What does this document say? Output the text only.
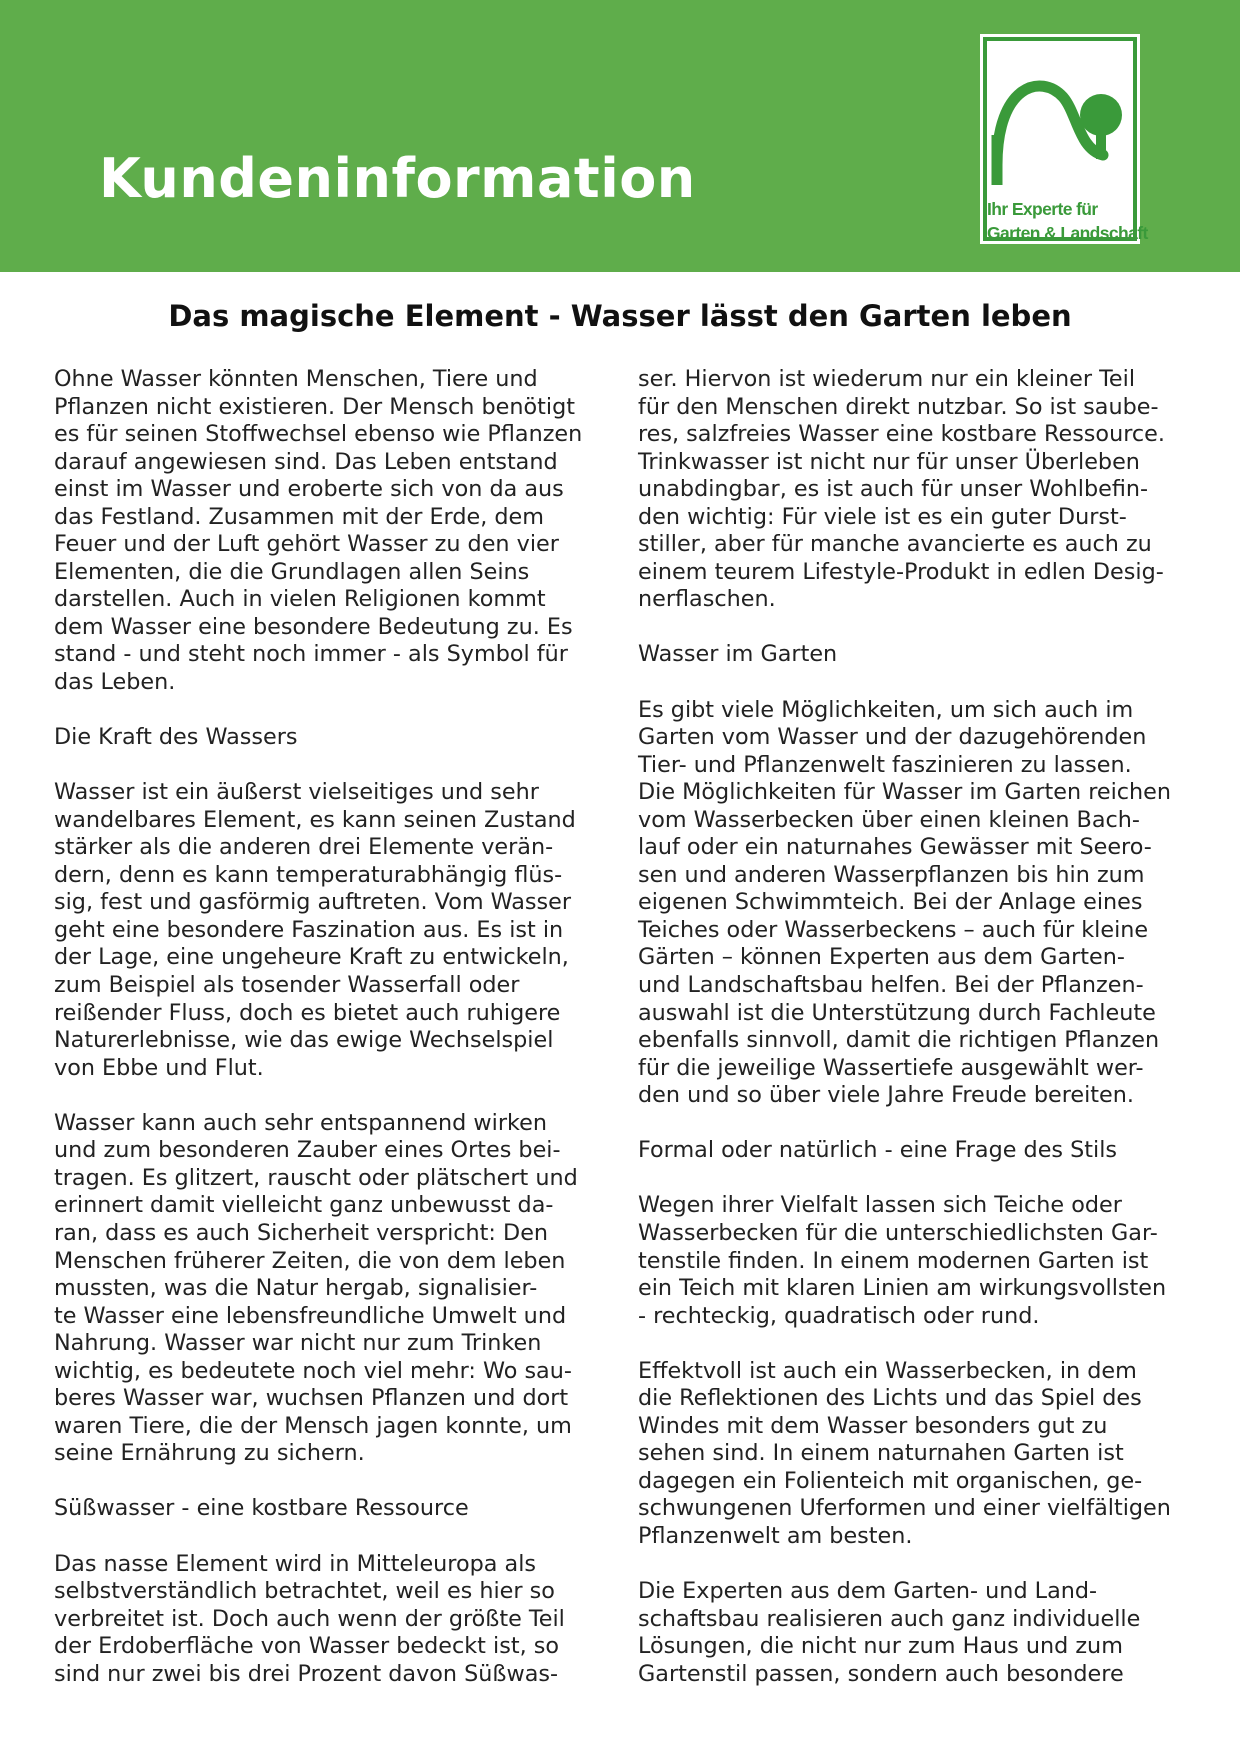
Kundeninformation	Ihr Experte für
Garten & Landschaft
Das magische Element - Wasser lässt den Garten leben
Ohne Wasser könnten Menschen, Tiere und
Pflanzen nicht existieren. Der Mensch benötigt
es für seinen Stoffwechsel ebenso wie Pflanzen
darauf angewiesen sind. Das Leben entstand
einst im Wasser und eroberte sich von da aus
das Festland. Zusammen mit der Erde, dem
Feuer und der Luft gehört Wasser zu den vier
Elementen, die die Grundlagen allen Seins
darstellen. Auch in vielen Religionen kommt
dem Wasser eine besondere Bedeutung zu. Es
stand - und steht noch immer - als Symbol für
das Leben.
Die Kraft des Wassers
Wasser ist ein äußerst vielseitiges und sehr
wandelbares Element, es kann seinen Zustand
stärker als die anderen drei Elemente verän-
dern, denn es kann temperaturabhängig flüs-
sig, fest und gasförmig auftreten. Vom Wasser
geht eine besondere Faszination aus. Es ist in
der Lage, eine ungeheure Kraft zu entwickeln,
zum Beispiel als tosender Wasserfall oder
reißender Fluss, doch es bietet auch ruhigere
Naturerlebnisse, wie das ewige Wechselspiel
von Ebbe und Flut.
Wasser kann auch sehr entspannend wirken
und zum besonderen Zauber eines Ortes bei-
tragen. Es glitzert, rauscht oder plätschert und
erinnert damit vielleicht ganz unbewusst da-
ran, dass es auch Sicherheit verspricht: Den
Menschen früherer Zeiten, die von dem leben
mussten, was die Natur hergab, signalisier-
te Wasser eine lebensfreundliche Umwelt und
Nahrung. Wasser war nicht nur zum Trinken
wichtig, es bedeutete noch viel mehr: Wo sau-
beres Wasser war, wuchsen Pflanzen und dort
waren Tiere, die der Mensch jagen konnte, um
seine Ernährung zu sichern.
Süßwasser - eine kostbare Ressource
Das nasse Element wird in Mitteleuropa als
selbstverständlich betrachtet, weil es hier so
verbreitet ist. Doch auch wenn der größte Teil
der Erdoberfläche von Wasser bedeckt ist, so
sind nur zwei bis drei Prozent davon Süßwas-
ser. Hiervon ist wiederum nur ein kleiner Teil
für den Menschen direkt nutzbar. So ist saube-
res, salzfreies Wasser eine kostbare Ressource.
Trinkwasser ist nicht nur für unser Überleben
unabdingbar, es ist auch für unser Wohlbefin-
den wichtig: Für viele ist es ein guter Durst-
stiller, aber für manche avancierte es auch zu
einem teurem Lifestyle-Produkt in edlen Desig-
nerflaschen.
Wasser im Garten
Es gibt viele Möglichkeiten, um sich auch im
Garten vom Wasser und der dazugehörenden
Tier- und Pflanzenwelt faszinieren zu lassen.
Die Möglichkeiten für Wasser im Garten reichen
vom Wasserbecken über einen kleinen Bach-
lauf oder ein naturnahes Gewässer mit Seero-
sen und anderen Wasserpflanzen bis hin zum
eigenen Schwimmteich. Bei der Anlage eines
Teiches oder Wasserbeckens – auch für kleine
Gärten – können Experten aus dem Garten-
und Landschaftsbau helfen. Bei der Pflanzen-
auswahl ist die Unterstützung durch Fachleute
ebenfalls sinnvoll, damit die richtigen Pflanzen
für die jeweilige Wassertiefe ausgewählt wer-
den und so über viele Jahre Freude bereiten.
Formal oder natürlich - eine Frage des Stils
Wegen ihrer Vielfalt lassen sich Teiche oder
Wasserbecken für die unterschiedlichsten Gar-
tenstile finden. In einem modernen Garten ist
ein Teich mit klaren Linien am wirkungsvollsten
- rechteckig, quadratisch oder rund.
Effektvoll ist auch ein Wasserbecken, in dem
die Reflektionen des Lichts und das Spiel des
Windes mit dem Wasser besonders gut zu
sehen sind. In einem naturnahen Garten ist
dagegen ein Folienteich mit organischen, ge-
schwungenen Uferformen und einer vielfältigen
Pflanzenwelt am besten.
Die Experten aus dem Garten- und Land-
schaftsbau realisieren auch ganz individuelle
Lösungen, die nicht nur zum Haus und zum
Gartenstil passen, sondern auch besondere
